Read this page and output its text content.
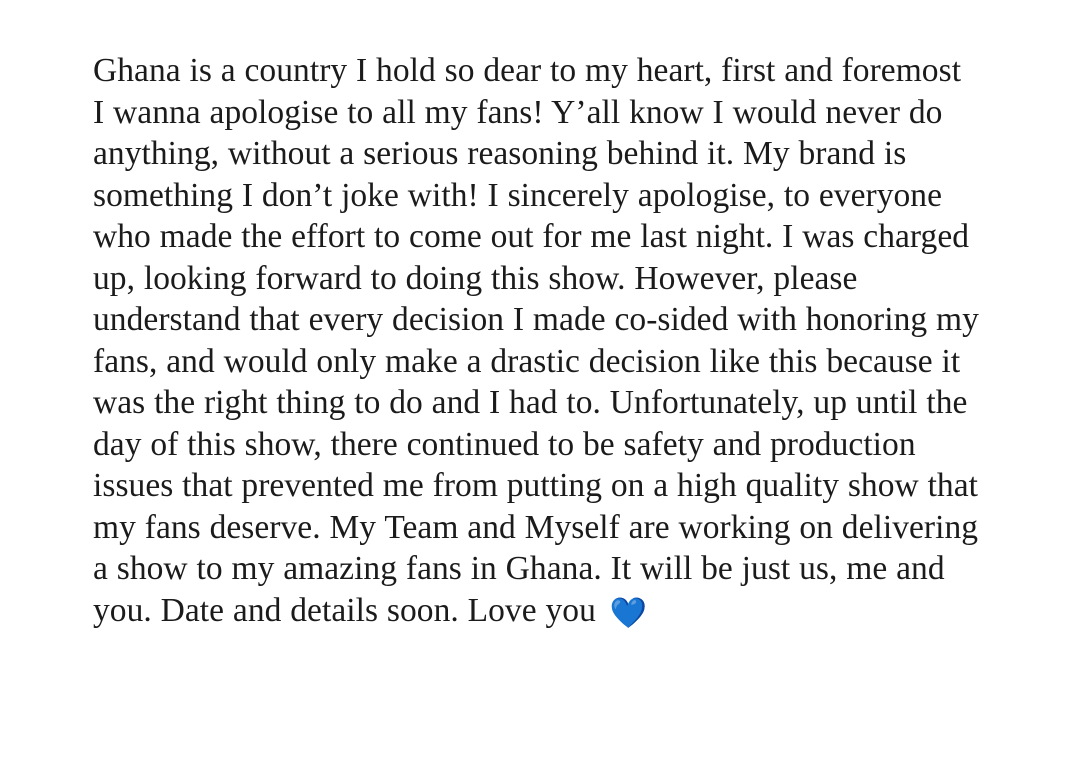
Ghana is a country I hold so dear to my heart, first and foremost I wanna apologise to all my fans! Y’all know I would never do anything, without a serious reasoning behind it. My brand is something I don’t joke with! I sincerely apologise, to everyone who made the effort to come out for me last night. I was charged up, looking forward to doing this show. However, please understand that every decision I made co-sided with honoring my fans, and would only make a drastic decision like this because it was the right thing to do and I had to. Unfortunately, up until the day of this show, there continued to be safety and production issues that prevented me from putting on a high quality show that my fans deserve. My Team and Myself are working on delivering a show to my amazing fans in Ghana. It will be just us, me and you. Date and details soon. Love you 💙
